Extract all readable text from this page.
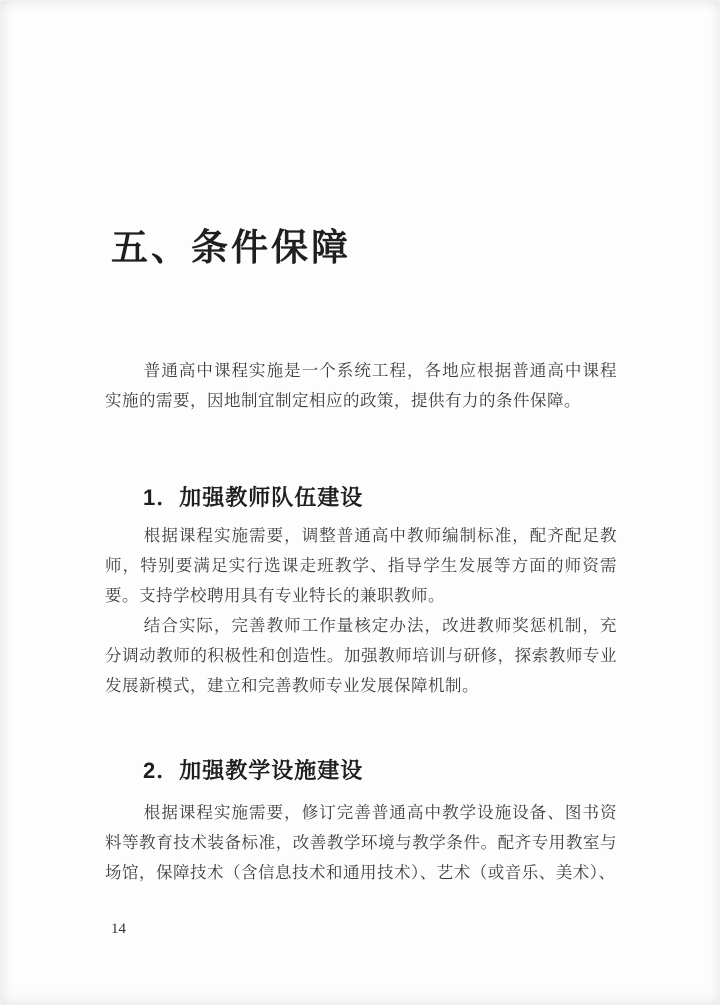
五、条件保障

普通高中课程实施是一个系统工程，各地应根据普通高中课程实施的需要，因地制宜制定相应的政策，提供有力的条件保障。

1．加强教师队伍建设

根据课程实施需要，调整普通高中教师编制标准，配齐配足教师，特别要满足实行选课走班教学、指导学生发展等方面的师资需要。支持学校聘用具有专业特长的兼职教师。

结合实际，完善教师工作量核定办法，改进教师奖惩机制，充分调动教师的积极性和创造性。加强教师培训与研修，探索教师专业发展新模式，建立和完善教师专业发展保障机制。

2．加强教学设施建设

根据课程实施需要，修订完善普通高中教学设施设备、图书资料等教育技术装备标准，改善教学环境与教学条件。配齐专用教室与场馆，保障技术（含信息技术和通用技术）、艺术（或音乐、美术）、

14
